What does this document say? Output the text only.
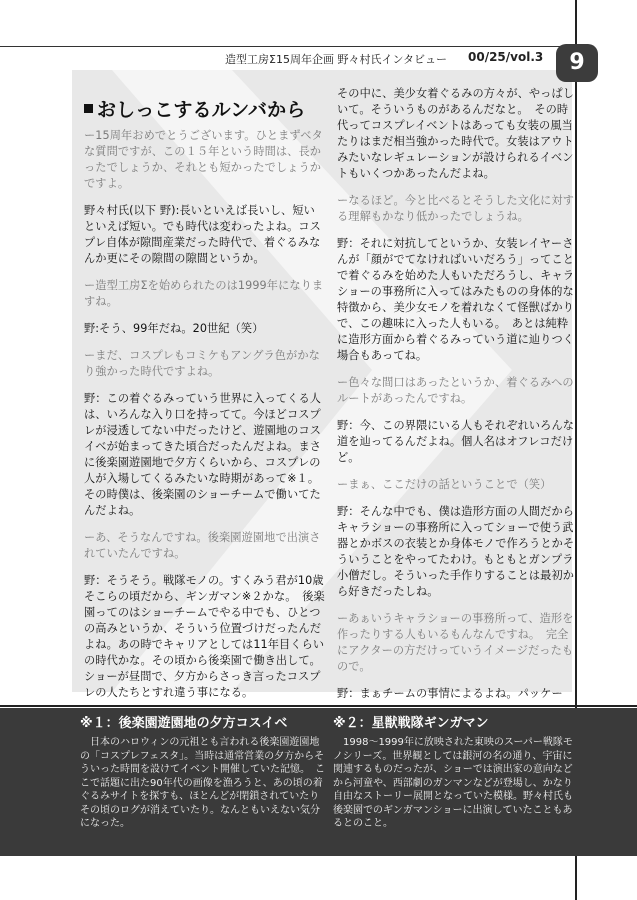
造型工房Σ15周年企画 野々村氏インタビュー 00/25/vol.3	9
おしっこするルンバから

ー15周年おめでとうございます。ひとまずベタな質問ですが、この１５年という時間は、長かったでしょうか、それとも短かったでしょうかですよ。

野々村氏(以下 野):長いといえば長いし、短いといえば短い。でも時代は変わったよね。コスプレ自体が隙間産業だった時代で、着ぐるみなんか更にその隙間の隙間というか。

ー造型工房Σを始められたのは1999年になりますね。

野:そう、99年だね。20世紀（笑）

ーまだ、コスプレもコミケもアングラ色がかなり強かった時代ですよね。

野：この着ぐるみっていう世界に入ってくる人は、いろんな入り口を持ってて。今ほどコスプレが浸透してない中だったけど、遊園地のコスイベが始まってきた頃合だったんだよね。まさに後楽園遊園地で夕方くらいから、コスプレの人が入場してくるみたいな時期があって※１。その時僕は、後楽園のショーチームで働いてたんだよね。

ーあ、そうなんですね。後楽園遊園地で出演されていたんですね。

野：そうそう。戦隊モノの。すくみう君が10歳そこらの頃だから、ギンガマン※２かな。　後楽園ってのはショーチームでやる中でも、ひとつの高みというか、そういう位置づけだったんだよね。あの時でキャリアとしては11年目くらいの時代かな。その頃から後楽園で働き出して。ショーが昼間で、夕方からさっき言ったコスプレの人たちとすれ違う事になる。

その中に、美少女着ぐるみの方々が、やっぱしいて。そういうものがあるんだなと。　その時代ってコスプレイベントはあっても女装の風当たりはまだ相当強かった時代で。女装はアウトみたいなレギュレーションが設けられるイベントもいくつかあったんだよね。

ーなるほど。今と比べるとそうした文化に対する理解もかなり低かったでしょうね。

野：それに対抗してというか、女装レイヤーさんが「顔がでてなければいいだろう」ってことで着ぐるみを始めた人もいただろうし、キャラショーの事務所に入ってはみたものの身体的な特徴から、美少女モノを着れなくて怪獣ばかりで、この趣味に入った人もいる。　あとは純粋に造形方面から着ぐるみっていう道に辿りつく場合もあってね。

ー色々な間口はあったというか、着ぐるみへのルートがあったんですね。

野：今、この界隈にいる人もそれぞれいろんな道を辿ってるんだよね。個人名はオフレコだけど。

ーまぁ、ここだけの話ということで（笑）

野：そんな中でも、僕は造形方面の人間だからキャラショーの事務所に入ってショーで使う武器とかボスの衣装とか身体モノで作ろうとかそういうことをやってたわけ。もともとガンプラ小僧だし。そういった手作りすることは最初から好きだったしね。

ーあぁいうキャラショーの事務所って、造形を作ったりする人もいるもんなんですね。　完全にアクターの方だけっていうイメージだったもので。

野：まぁチームの事情によるよね。パッケー

※１：後楽園遊園地の夕方コスイベ
日本のハロウィンの元祖とも言われる後楽園遊園地の「コスプレフェスタ」。当時は通常営業の夕方からそういった時間を設けてイベント開催していた記憶。　ここで話題に出た90年代の画像を漁ろうと、あの頃の着ぐるみサイトを探すも、ほとんどが閉鎖されていたりその頃のログが消えていたり。なんともいえない気分になった。
※２：星獣戦隊ギンガマン
1998～1999年に放映された東映のスーパー戦隊モノシリーズ。世界観としては銀河の名の通り、宇宙に関連するものだったが、ショーでは演出家の意向などから河童や、西部劇のガンマンなどが登場し、かなり自由なストーリー展開となっていた模様。野々村氏も後楽園でのギンガマンショーに出演していたこともあるとのこと。
